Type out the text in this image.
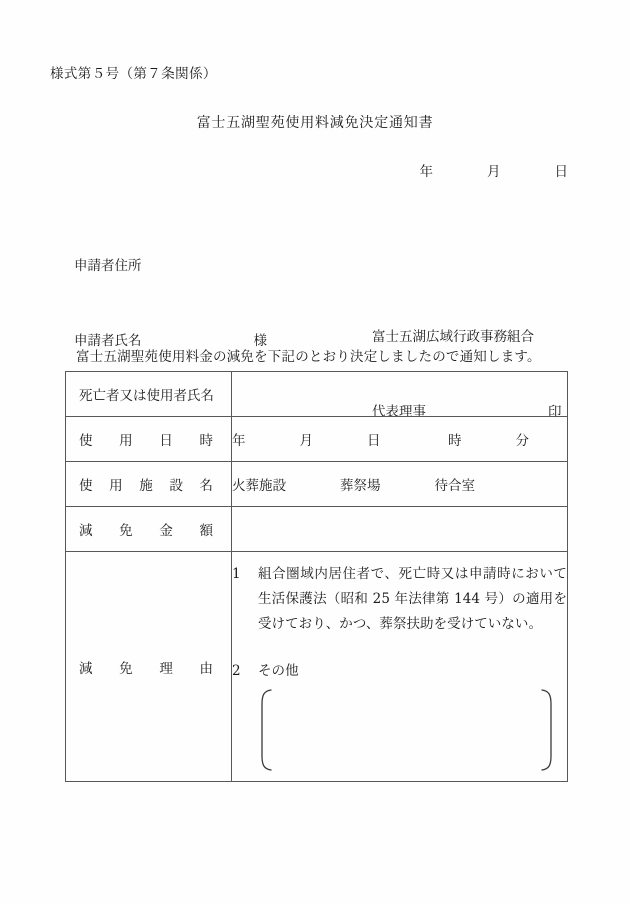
様式第５号（第７条関係）
富士五湖聖苑使用料減免決定通知書
年　　　　月　　　　日

申請者住所

申請者氏名	様

	富士五湖広域行政事務組合

代表理事	印

富士五湖聖苑使用料金の減免を下記のとおり決定しましたので通知します。
死亡者又は使用者氏名	

使用日時	年　　　　月　　　　日　　　　　時　　　　分

使用施設名	火葬施設　　　　葬祭場　　　　待合室

減免金額	

減免理由	1 組合圏域内居住者で、死亡時又は申請時において生活保護法（昭和 25 年法律第 144 号）の適用を受けており、かつ、葬祭扶助を受けていない。
2 その他
